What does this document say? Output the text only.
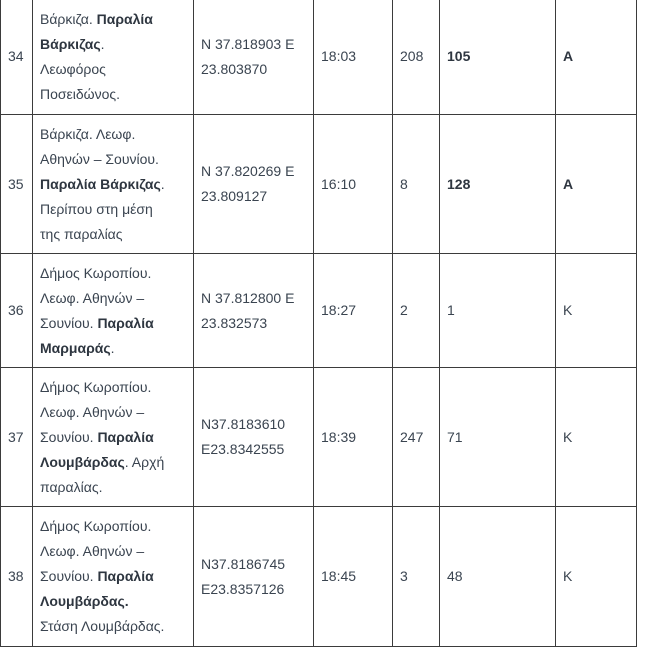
34	Βάρκιζα. Παραλία
Βάρκιζας.
Λεωφόρος
Ποσειδώνος.	N 37.818903 E
23.803870	18:03	208	105	A
35	Βάρκιζα. Λεωφ.
Αθηνών – Σουνίου.
Παραλία Βάρκιζας.
Περίπου στη μέση
της παραλίας	N 37.820269 E
23.809127	16:10	8	128	A
36	Δήμος Κωροπίου.
Λεωφ. Αθηνών –
Σουνίου. Παραλία
Μαρμαράς.	N 37.812800 E
23.832573	18:27	2	1	K
37	Δήμος Κωροπίου.
Λεωφ. Αθηνών –
Σουνίου. Παραλία
Λουμβάρδας. Αρχή
παραλίας.	N37.8183610
E23.8342555	18:39	247	71	K
38	Δήμος Κωροπίου.
Λεωφ. Αθηνών –
Σουνίου. Παραλία
Λουμβάρδας.
Στάση Λουμβάρδας.	N37.8186745
E23.8357126	18:45	3	48	K
